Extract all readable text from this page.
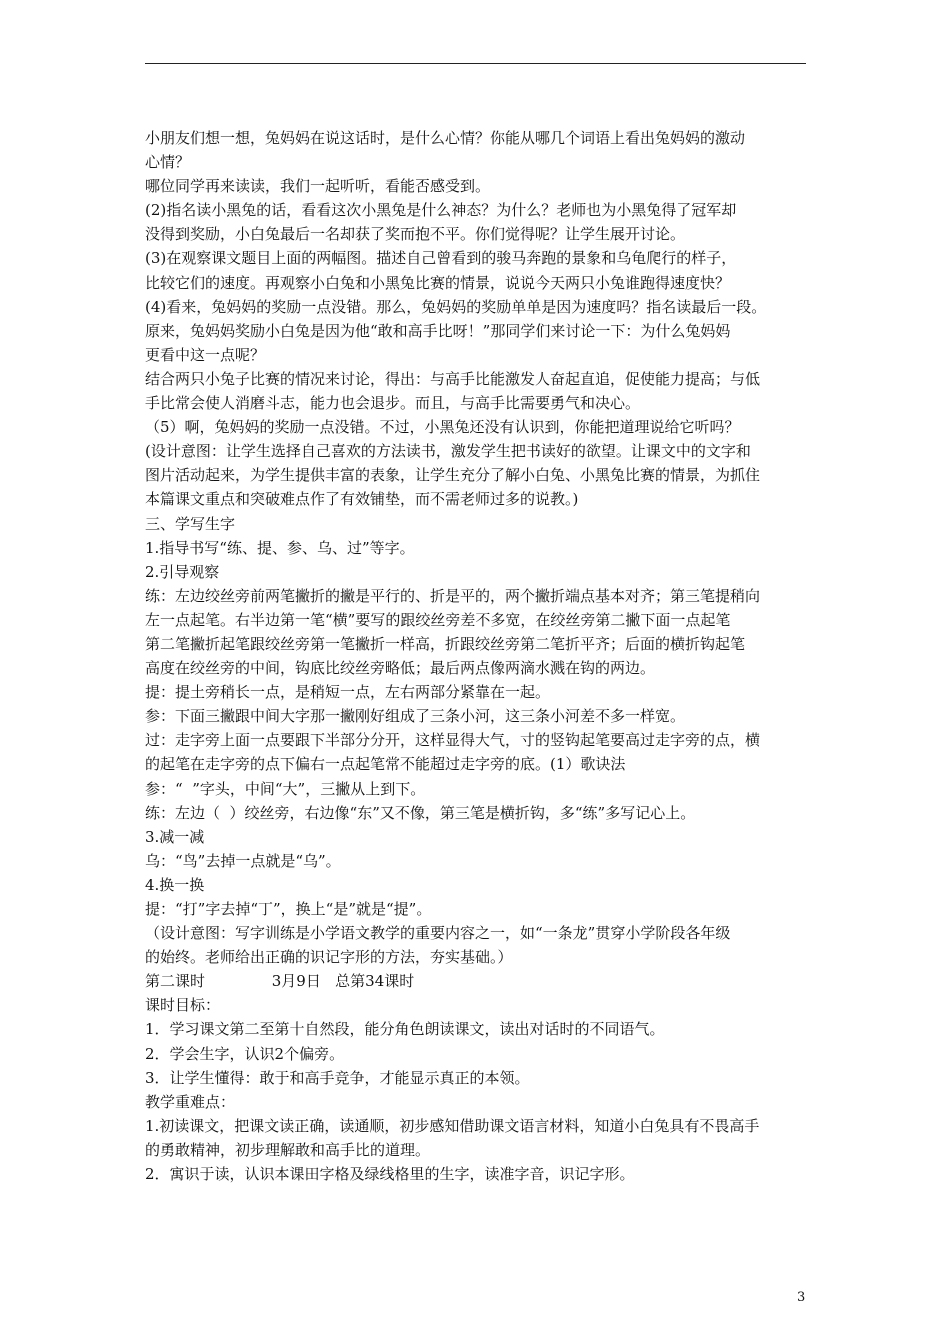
小朋友们想一想，兔妈妈在说这话时，是什么心情？你能从哪几个词语上看出兔妈妈的激动
心情？
哪位同学再来读读，我们一起听听，看能否感受到。
(2)指名读小黑兔的话，看看这次小黑兔是什么神态？为什么？老师也为小黑兔得了冠军却
没得到奖励，小白兔最后一名却获了奖而抱不平。你们觉得呢？让学生展开讨论。
(3)在观察课文题目上面的两幅图。描述自己曾看到的骏马奔跑的景象和乌龟爬行的样子，
比较它们的速度。再观察小白兔和小黑兔比赛的情景，说说今天两只小兔谁跑得速度快？
(4)看来，兔妈妈的奖励一点没错。那么，兔妈妈的奖励单单是因为速度吗？指名读最后一段。
原来，兔妈妈奖励小白兔是因为他“敢和高手比呀！”那同学们来讨论一下：为什么兔妈妈
更看中这一点呢？
结合两只小兔子比赛的情况来讨论，得出：与高手比能激发人奋起直追，促使能力提高；与低
手比常会使人消磨斗志，能力也会退步。而且，与高手比需要勇气和决心。
（5）啊，兔妈妈的奖励一点没错。不过，小黑兔还没有认识到，你能把道理说给它听吗？
(设计意图：让学生选择自己喜欢的方法读书，激发学生把书读好的欲望。让课文中的文字和
图片活动起来，为学生提供丰富的表象，让学生充分了解小白兔、小黑兔比赛的情景，为抓住
本篇课文重点和突破难点作了有效铺垫，而不需老师过多的说教。)
三、学写生字
1.指导书写“练、提、参、乌、过”等字。
2.引导观察
练：左边绞丝旁前两笔撇折的撇是平行的、折是平的，两个撇折端点基本对齐；第三笔提稍向
左一点起笔。右半边第一笔“横”要写的跟绞丝旁差不多宽，在绞丝旁第二撇下面一点起笔
第二笔撇折起笔跟绞丝旁第一笔撇折一样高，折跟绞丝旁第二笔折平齐；后面的横折钩起笔
高度在绞丝旁的中间，钩底比绞丝旁略低；最后两点像两滴水溅在钩的两边。
提：提土旁稍长一点，是稍短一点，左右两部分紧靠在一起。
参：下面三撇跟中间大字那一撇刚好组成了三条小河，这三条小河差不多一样宽。
过：走字旁上面一点要跟下半部分分开，这样显得大气，寸的竖钩起笔要高过走字旁的点，横
的起笔在走字旁的点下偏右一点起笔常不能超过走字旁的底。(1）歌诀法
参：“  ”字头，中间“大”，三撇从上到下。
练：左边（  ）绞丝旁，右边像“东”又不像，第三笔是横折钩，多“练”多写记心上。
3.减一减
乌：“鸟”去掉一点就是“乌”。
4.换一换
提：“打”字去掉“丁”，换上“是”就是“提”。
（设计意图：写字训练是小学语文教学的重要内容之一，如“一条龙”贯穿小学阶段各年级
的始终。老师给出正确的识记字形的方法，夯实基础。）
第二课时              3月9日   总第34课时
课时目标：
1．学习课文第二至第十自然段，能分角色朗读课文，读出对话时的不同语气。
2．学会生字，认识2个偏旁。
3．让学生懂得：敢于和高手竞争，才能显示真正的本领。
教学重难点：
1.初读课文，把课文读正确，读通顺，初步感知借助课文语言材料，知道小白兔具有不畏高手
的勇敢精神，初步理解敢和高手比的道理。
2．寓识于读，认识本课田字格及绿线格里的生字，读准字音，识记字形。
3
